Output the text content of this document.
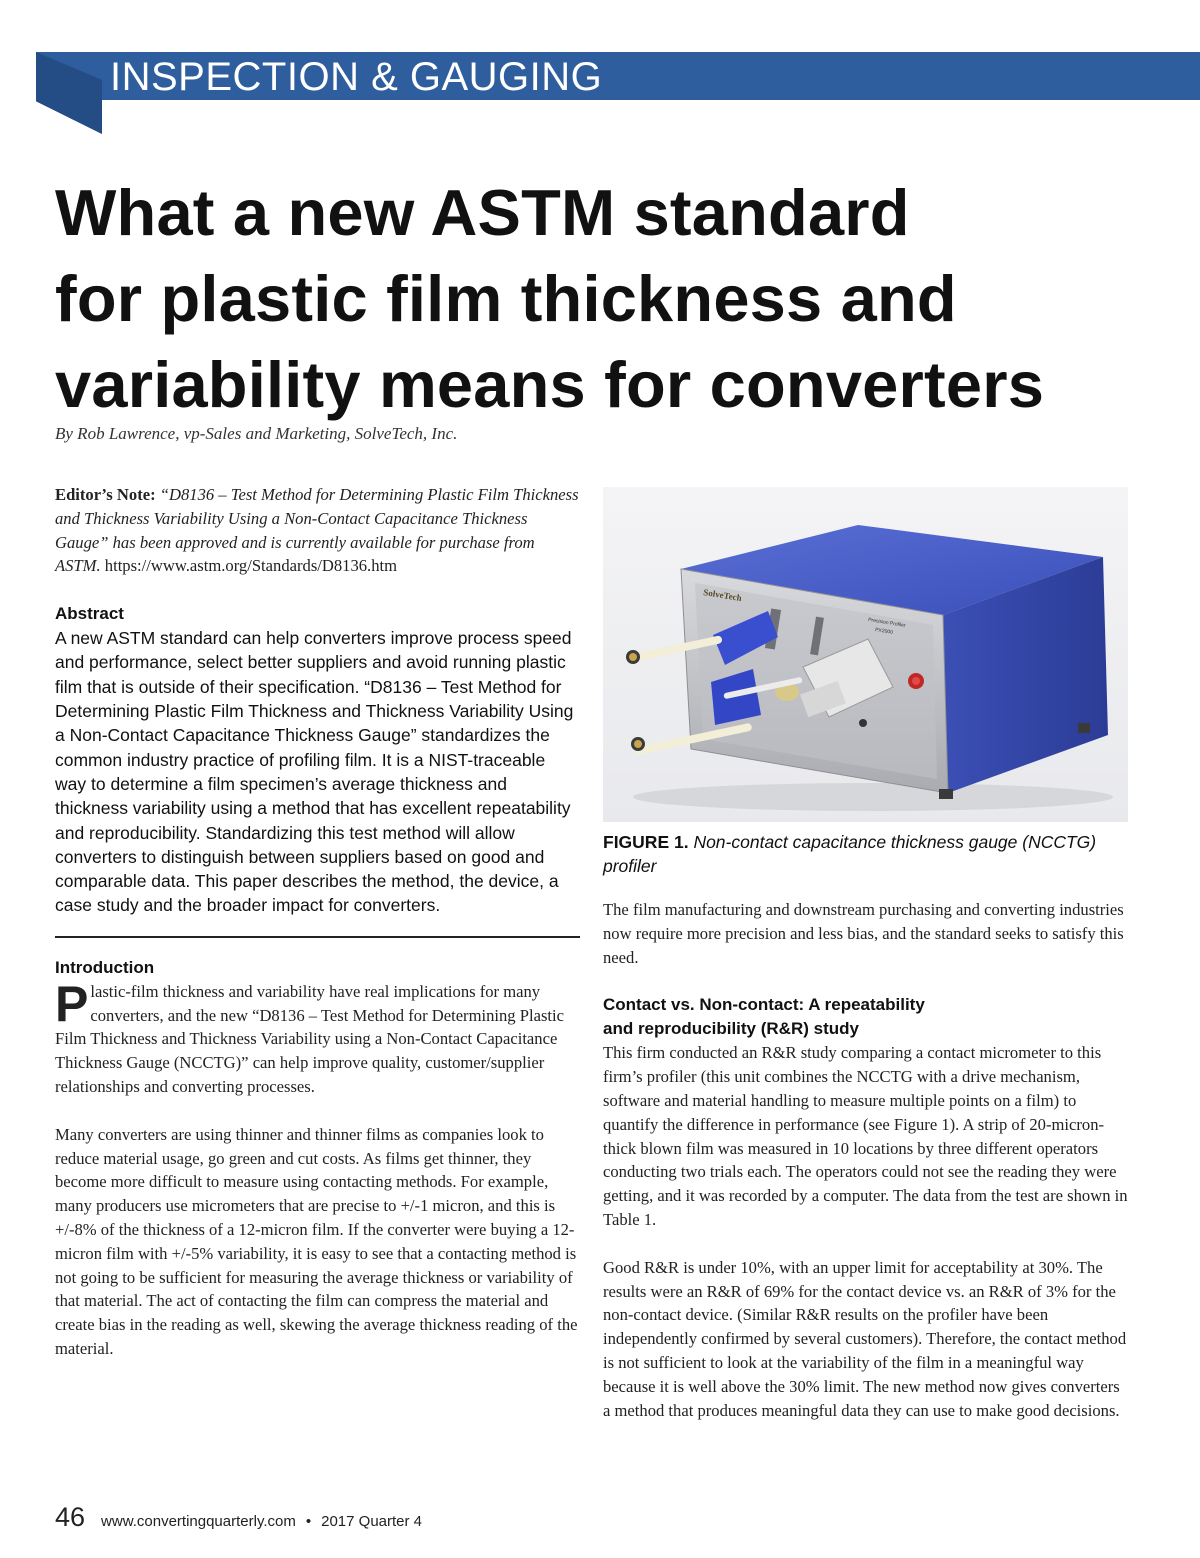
INSPECTION & GAUGING
What a new ASTM standard
for plastic film thickness and
variability means for converters
By Rob Lawrence, vp-Sales and Marketing, SolveTech, Inc.

Editor’s Note: “D8136 – Test Method for Determining Plastic Film Thickness and Thickness Variability Using a Non-Contact Capacitance Thickness Gauge” has been approved and is currently available for purchase from ASTM. https://www.astm.org/Standards/D8136.htm

Abstract

A new ASTM standard can help converters improve process speed and performance, select better suppliers and avoid running plastic film that is outside of their specification. “D8136 – Test Method for Determining Plastic Film Thickness and Thickness Variability Using a Non-Contact Capacitance Thickness Gauge” standardizes the common industry practice of profiling film. It is a NIST-traceable way to determine a film specimen’s average thickness and thickness variability using a method that has excellent repeatability and reproducibility. Standardizing this test method will allow converters to distinguish between suppliers based on good and comparable data. This paper describes the method, the device, a case study and the broader impact for converters.

Introduction

Plastic-film thickness and variability have real implications for many converters, and the new “D8136 – Test Method for Determining Plastic Film Thickness and Thickness Variability using a Non-Contact Capacitance Thickness Gauge (NCCTG)” can help improve quality, customer/supplier relationships and converting processes.

Many converters are using thinner and thinner films as companies look to reduce material usage, go green and cut costs. As films get thinner, they become more difficult to measure using contacting methods. For example, many producers use micrometers that are precise to +/-1 micron, and this is +/-8% of the thickness of a 12-micron film. If the converter were buying a 12-micron film with +/-5% variability, it is easy to see that a contacting method is not going to be sufficient for measuring the average thickness or variability of that material. The act of contacting the film can compress the material and create bias in the reading as well, skewing the average thickness reading of the material.

SolveTech
Precision Profiler
PX2000

FIGURE 1. Non-contact capacitance thickness gauge (NCCTG) profiler

The film manufacturing and downstream purchasing and converting industries now require more precision and less bias, and the standard seeks to satisfy this need.

Contact vs. Non-contact: A repeatability
and reproducibility (R&R) study

This firm conducted an R&R study comparing a contact micrometer to this firm’s profiler (this unit combines the NCCTG with a drive mechanism, software and material handling to measure multiple points on a film) to quantify the difference in performance (see Figure 1). A strip of 20-micron-thick blown film was measured in 10 locations by three different operators conducting two trials each. The operators could not see the reading they were getting, and it was recorded by a computer. The data from the test are shown in Table 1.

Good R&R is under 10%, with an upper limit for acceptability at 30%. The results were an R&R of 69% for the contact device vs. an R&R of 3% for the non-contact device. (Similar R&R results on the profiler have been independently confirmed by several customers). Therefore, the contact method is not sufficient to look at the variability of the film in a meaningful way because it is well above the 30% limit. The new method now gives converters a method that produces meaningful data they can use to make good decisions.

46 www.convertingquarterly.com • 2017 Quarter 4
